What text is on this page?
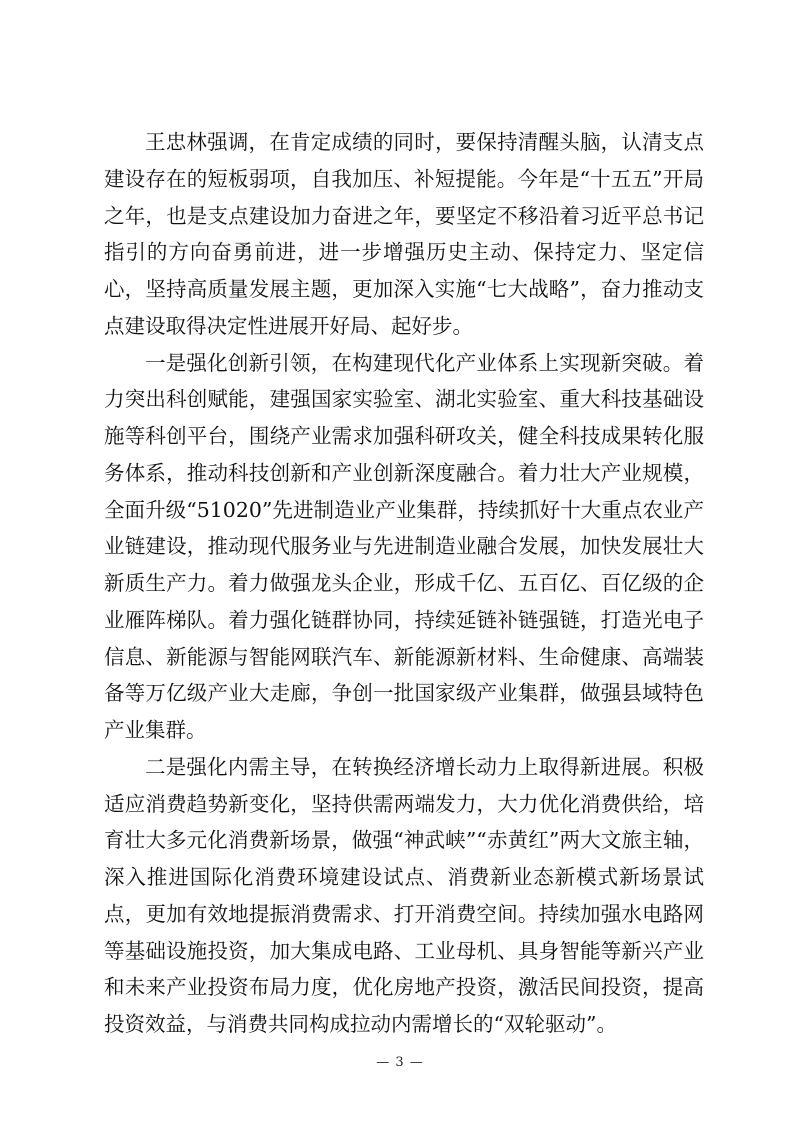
王忠林强调，在肯定成绩的同时，要保持清醒头脑，认清支点建设存在的短板弱项，自我加压、补短提能。今年是“十五五”开局之年，也是支点建设加力奋进之年，要坚定不移沿着习近平总书记指引的方向奋勇前进，进一步增强历史主动、保持定力、坚定信心，坚持高质量发展主题，更加深入实施“七大战略”，奋力推动支点建设取得决定性进展开好局、起好步。

一是强化创新引领，在构建现代化产业体系上实现新突破。着力突出科创赋能，建强国家实验室、湖北实验室、重大科技基础设施等科创平台，围绕产业需求加强科研攻关，健全科技成果转化服务体系，推动科技创新和产业创新深度融合。着力壮大产业规模，全面升级“51020”先进制造业产业集群，持续抓好十大重点农业产业链建设，推动现代服务业与先进制造业融合发展，加快发展壮大新质生产力。着力做强龙头企业，形成千亿、五百亿、百亿级的企业雁阵梯队。着力强化链群协同，持续延链补链强链，打造光电子信息、新能源与智能网联汽车、新能源新材料、生命健康、高端装备等万亿级产业大走廊，争创一批国家级产业集群，做强县域特色产业集群。

二是强化内需主导，在转换经济增长动力上取得新进展。积极适应消费趋势新变化，坚持供需两端发力，大力优化消费供给，培育壮大多元化消费新场景，做强“神武峡”“赤黄红”两大文旅主轴，深入推进国际化消费环境建设试点、消费新业态新模式新场景试点，更加有效地提振消费需求、打开消费空间。持续加强水电路网等基础设施投资，加大集成电路、工业母机、具身智能等新兴产业和未来产业投资布局力度，优化房地产投资，激活民间投资，提高投资效益，与消费共同构成拉动内需增长的“双轮驱动”。

— 3 —
